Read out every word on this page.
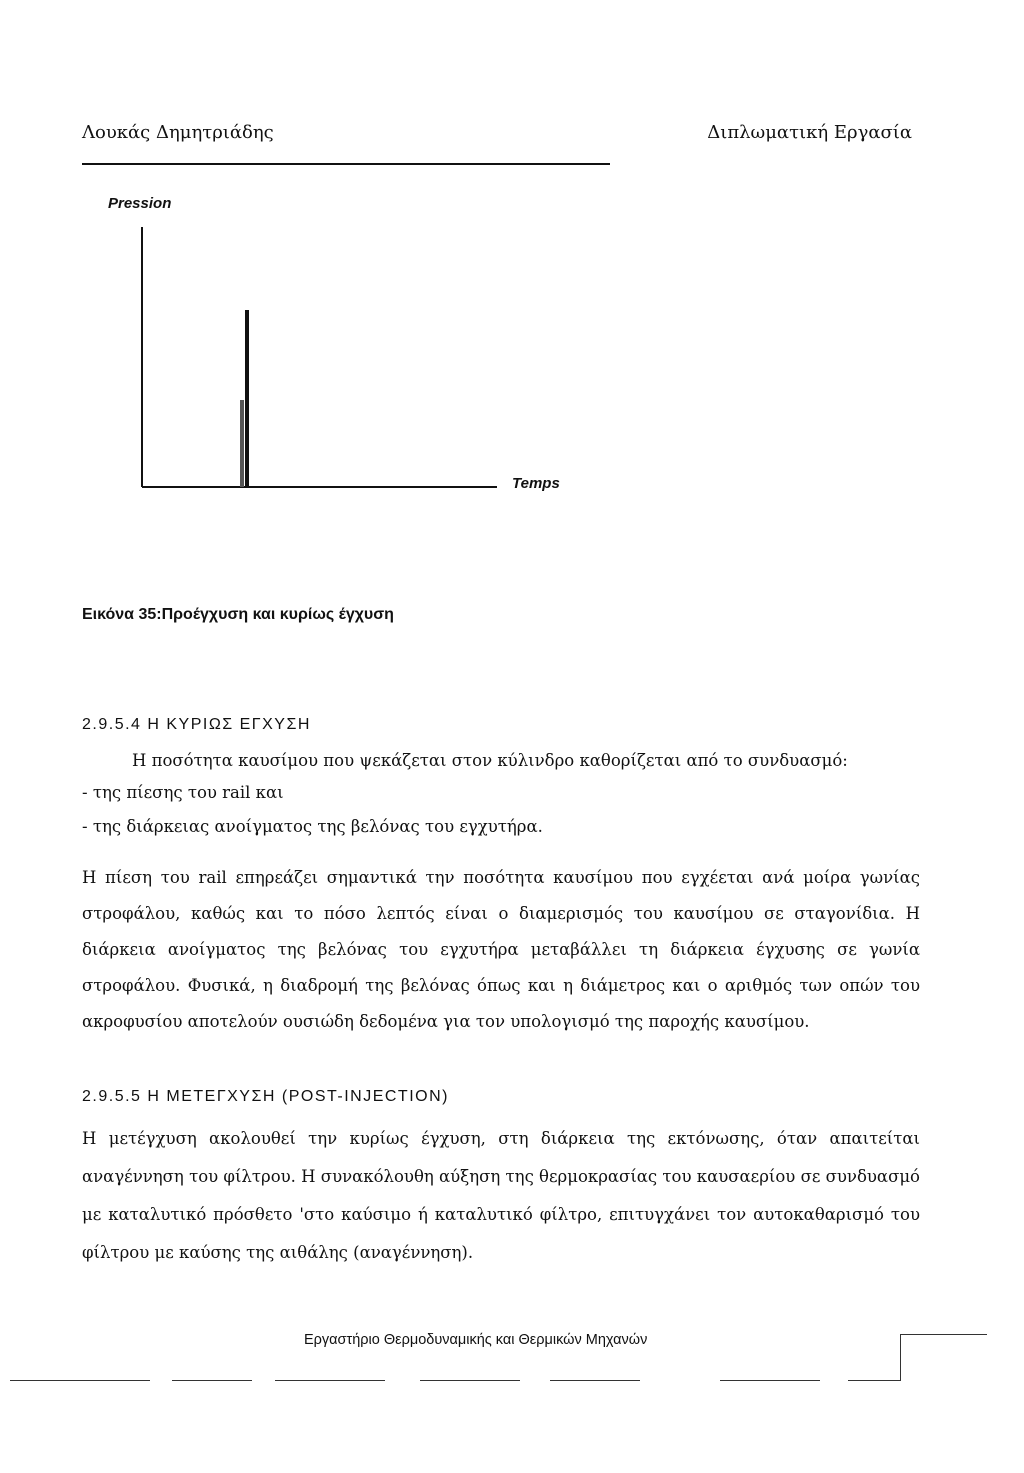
Λουκάς Δημητριάδης	Διπλωματική Εργασία
Pression
Temps
Εικόνα 35:Προέγχυση και κυρίως έγχυση
2.9.5.4 Η ΚΥΡΙΩΣ ΕΓΧΥΣΗ
Η ποσότητα καυσίμου που ψεκάζεται στον κύλινδρο καθορίζεται από το συνδυασμό:
- της πίεσης του rail και
- της διάρκειας ανοίγματος της βελόνας του εγχυτήρα.
Η πίεση του rail επηρεάζει σημαντικά την ποσότητα καυσίμου που εγχέεται ανά μοίρα γωνίας στροφάλου, καθώς και το πόσο λεπτός είναι ο διαμερισμός του καυσίμου σε σταγονίδια. Η διάρκεια ανοίγματος της βελόνας του εγχυτήρα μεταβάλλει τη διάρκεια έγχυσης σε γωνία στροφάλου. Φυσικά, η διαδρομή της βελόνας όπως και η διάμετρος και ο αριθμός των οπών του ακροφυσίου αποτελούν ουσιώδη δεδομένα για τον υπολογισμό της παροχής καυσίμου.
2.9.5.5 Η ΜΕΤΕΓΧΥΣΗ (POST-INJECTION)
Η μετέγχυση ακολουθεί την κυρίως έγχυση, στη διάρκεια της εκτόνωσης, όταν απαιτείται αναγέννηση του φίλτρου. Η συνακόλουθη αύξηση της θερμοκρασίας του καυσαερίου σε συνδυασμό με καταλυτικό πρόσθετο 'στο καύσιμο ή καταλυτικό φίλτρο, επιτυγχάνει τον αυτοκαθαρισμό του φίλτρου με καύσης της αιθάλης (αναγέννηση).
Εργαστήριο Θερμοδυναμικής και Θερμικών Μηχανών
